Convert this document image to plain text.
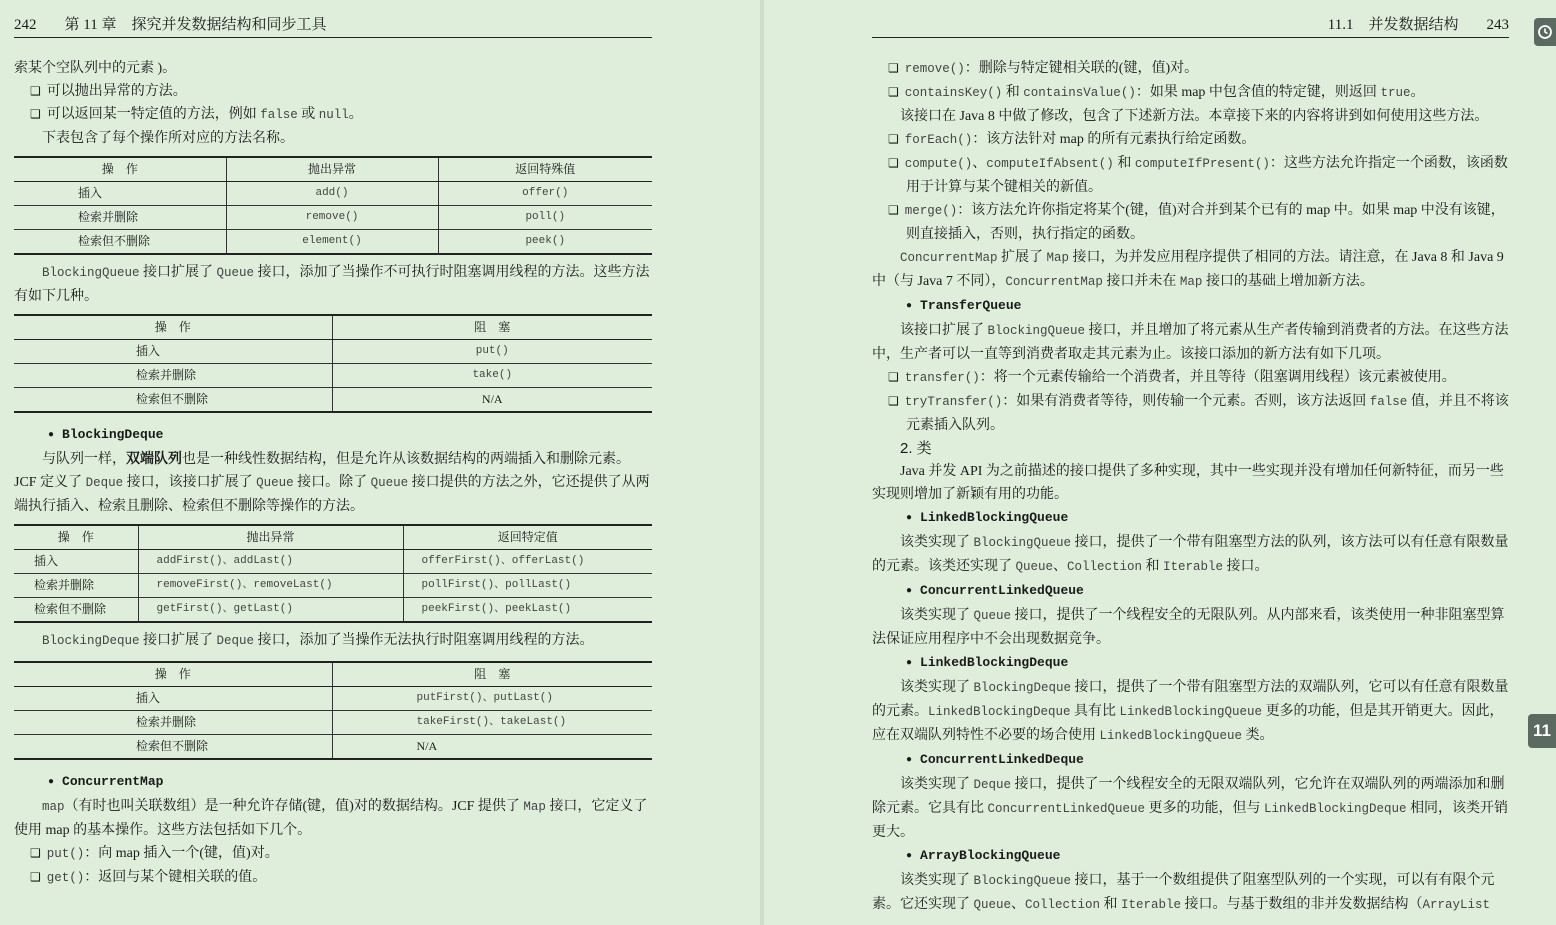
242 第 11 章　探究并发数据结构和同步工具

索某个空队列中的元素 )。

❑ 可以抛出异常的方法。

❑ 可以返回某一特定值的方法，例如 false 或 null。

下表包含了每个操作所对应的方法名称。

操　作	抛出异常	返回特殊值
插入	add()	offer()
检索并删除	remove()	poll()
检索但不删除	element()	peek()

BlockingQueue 接口扩展了 Queue 接口，添加了当操作不可执行时阻塞调用线程的方法。这些方法有如下几种。

操　作	阻　塞
插入	put()
检索并删除	take()
检索但不删除	N/A

● BlockingDeque

与队列一样，双端队列也是一种线性数据结构，但是允许从该数据结构的两端插入和删除元素。JCF 定义了 Deque 接口，该接口扩展了 Queue 接口。除了 Queue 接口提供的方法之外，它还提供了从两端执行插入、检索且删除、检索但不删除等操作的方法。

操　作	抛出异常	返回特定值
插入	addFirst()、addLast()	offerFirst()、offerLast()
检索并删除	removeFirst()、removeLast()	pollFirst()、pollLast()
检索但不删除	getFirst()、getLast()	peekFirst()、peekLast()

BlockingDeque 接口扩展了 Deque 接口，添加了当操作无法执行时阻塞调用线程的方法。

操　作	阻　塞
插入	putFirst()、putLast()
检索并删除	takeFirst()、takeLast()
检索但不删除	N/A

● ConcurrentMap

map（有时也叫关联数组）是一种允许存储(键，值)对的数据结构。JCF 提供了 Map 接口，它定义了使用 map 的基本操作。这些方法包括如下几个。

❑ put()：向 map 插入一个(键，值)对。

❑ get()：返回与某个键相关联的值。

11.1　并发数据结构 243

❑ remove()：删除与特定键相关联的(键，值)对。

❑ containsKey() 和 containsValue()：如果 map 中包含值的特定键，则返回 true。

该接口在 Java 8 中做了修改，包含了下述新方法。本章接下来的内容将讲到如何使用这些方法。

❑ forEach()：该方法针对 map 的所有元素执行给定函数。

❑ compute()、computeIfAbsent() 和 computeIfPresent()：这些方法允许指定一个函数，该函数用于计算与某个键相关的新值。

❑ merge()：该方法允许你指定将某个(键，值)对合并到某个已有的 map 中。如果 map 中没有该键，则直接插入，否则，执行指定的函数。

ConcurrentMap 扩展了 Map 接口，为并发应用程序提供了相同的方法。请注意，在 Java 8 和 Java 9 中（与 Java 7 不同），ConcurrentMap 接口并未在 Map 接口的基础上增加新方法。

● TransferQueue

该接口扩展了 BlockingQueue 接口，并且增加了将元素从生产者传输到消费者的方法。在这些方法中，生产者可以一直等到消费者取走其元素为止。该接口添加的新方法有如下几项。

❑ transfer()：将一个元素传输给一个消费者，并且等待（阻塞调用线程）该元素被使用。

❑ tryTransfer()：如果有消费者等待，则传输一个元素。否则，该方法返回 false 值，并且不将该元素插入队列。

2. 类

Java 并发 API 为之前描述的接口提供了多种实现，其中一些实现并没有增加任何新特征，而另一些实现则增加了新颖有用的功能。

● LinkedBlockingQueue

该类实现了 BlockingQueue 接口，提供了一个带有阻塞型方法的队列，该方法可以有任意有限数量的元素。该类还实现了 Queue、Collection 和 Iterable 接口。

● ConcurrentLinkedQueue

该类实现了 Queue 接口，提供了一个线程安全的无限队列。从内部来看，该类使用一种非阻塞型算法保证应用程序中不会出现数据竞争。

● LinkedBlockingDeque

该类实现了 BlockingDeque 接口，提供了一个带有阻塞型方法的双端队列，它可以有任意有限数量的元素。LinkedBlockingDeque 具有比 LinkedBlockingQueue 更多的功能，但是其开销更大。因此，应在双端队列特性不必要的场合使用 LinkedBlockingQueue 类。

● ConcurrentLinkedDeque

该类实现了 Deque 接口，提供了一个线程安全的无限双端队列，它允许在双端队列的两端添加和删除元素。它具有比 ConcurrentLinkedQueue 更多的功能，但与 LinkedBlockingDeque 相同，该类开销更大。

● ArrayBlockingQueue

该类实现了 BlockingQueue 接口，基于一个数组提供了阻塞型队列的一个实现，可以有有限个元素。它还实现了 Queue、Collection 和 Iterable 接口。与基于数组的非并发数据结构（ArrayList

11
